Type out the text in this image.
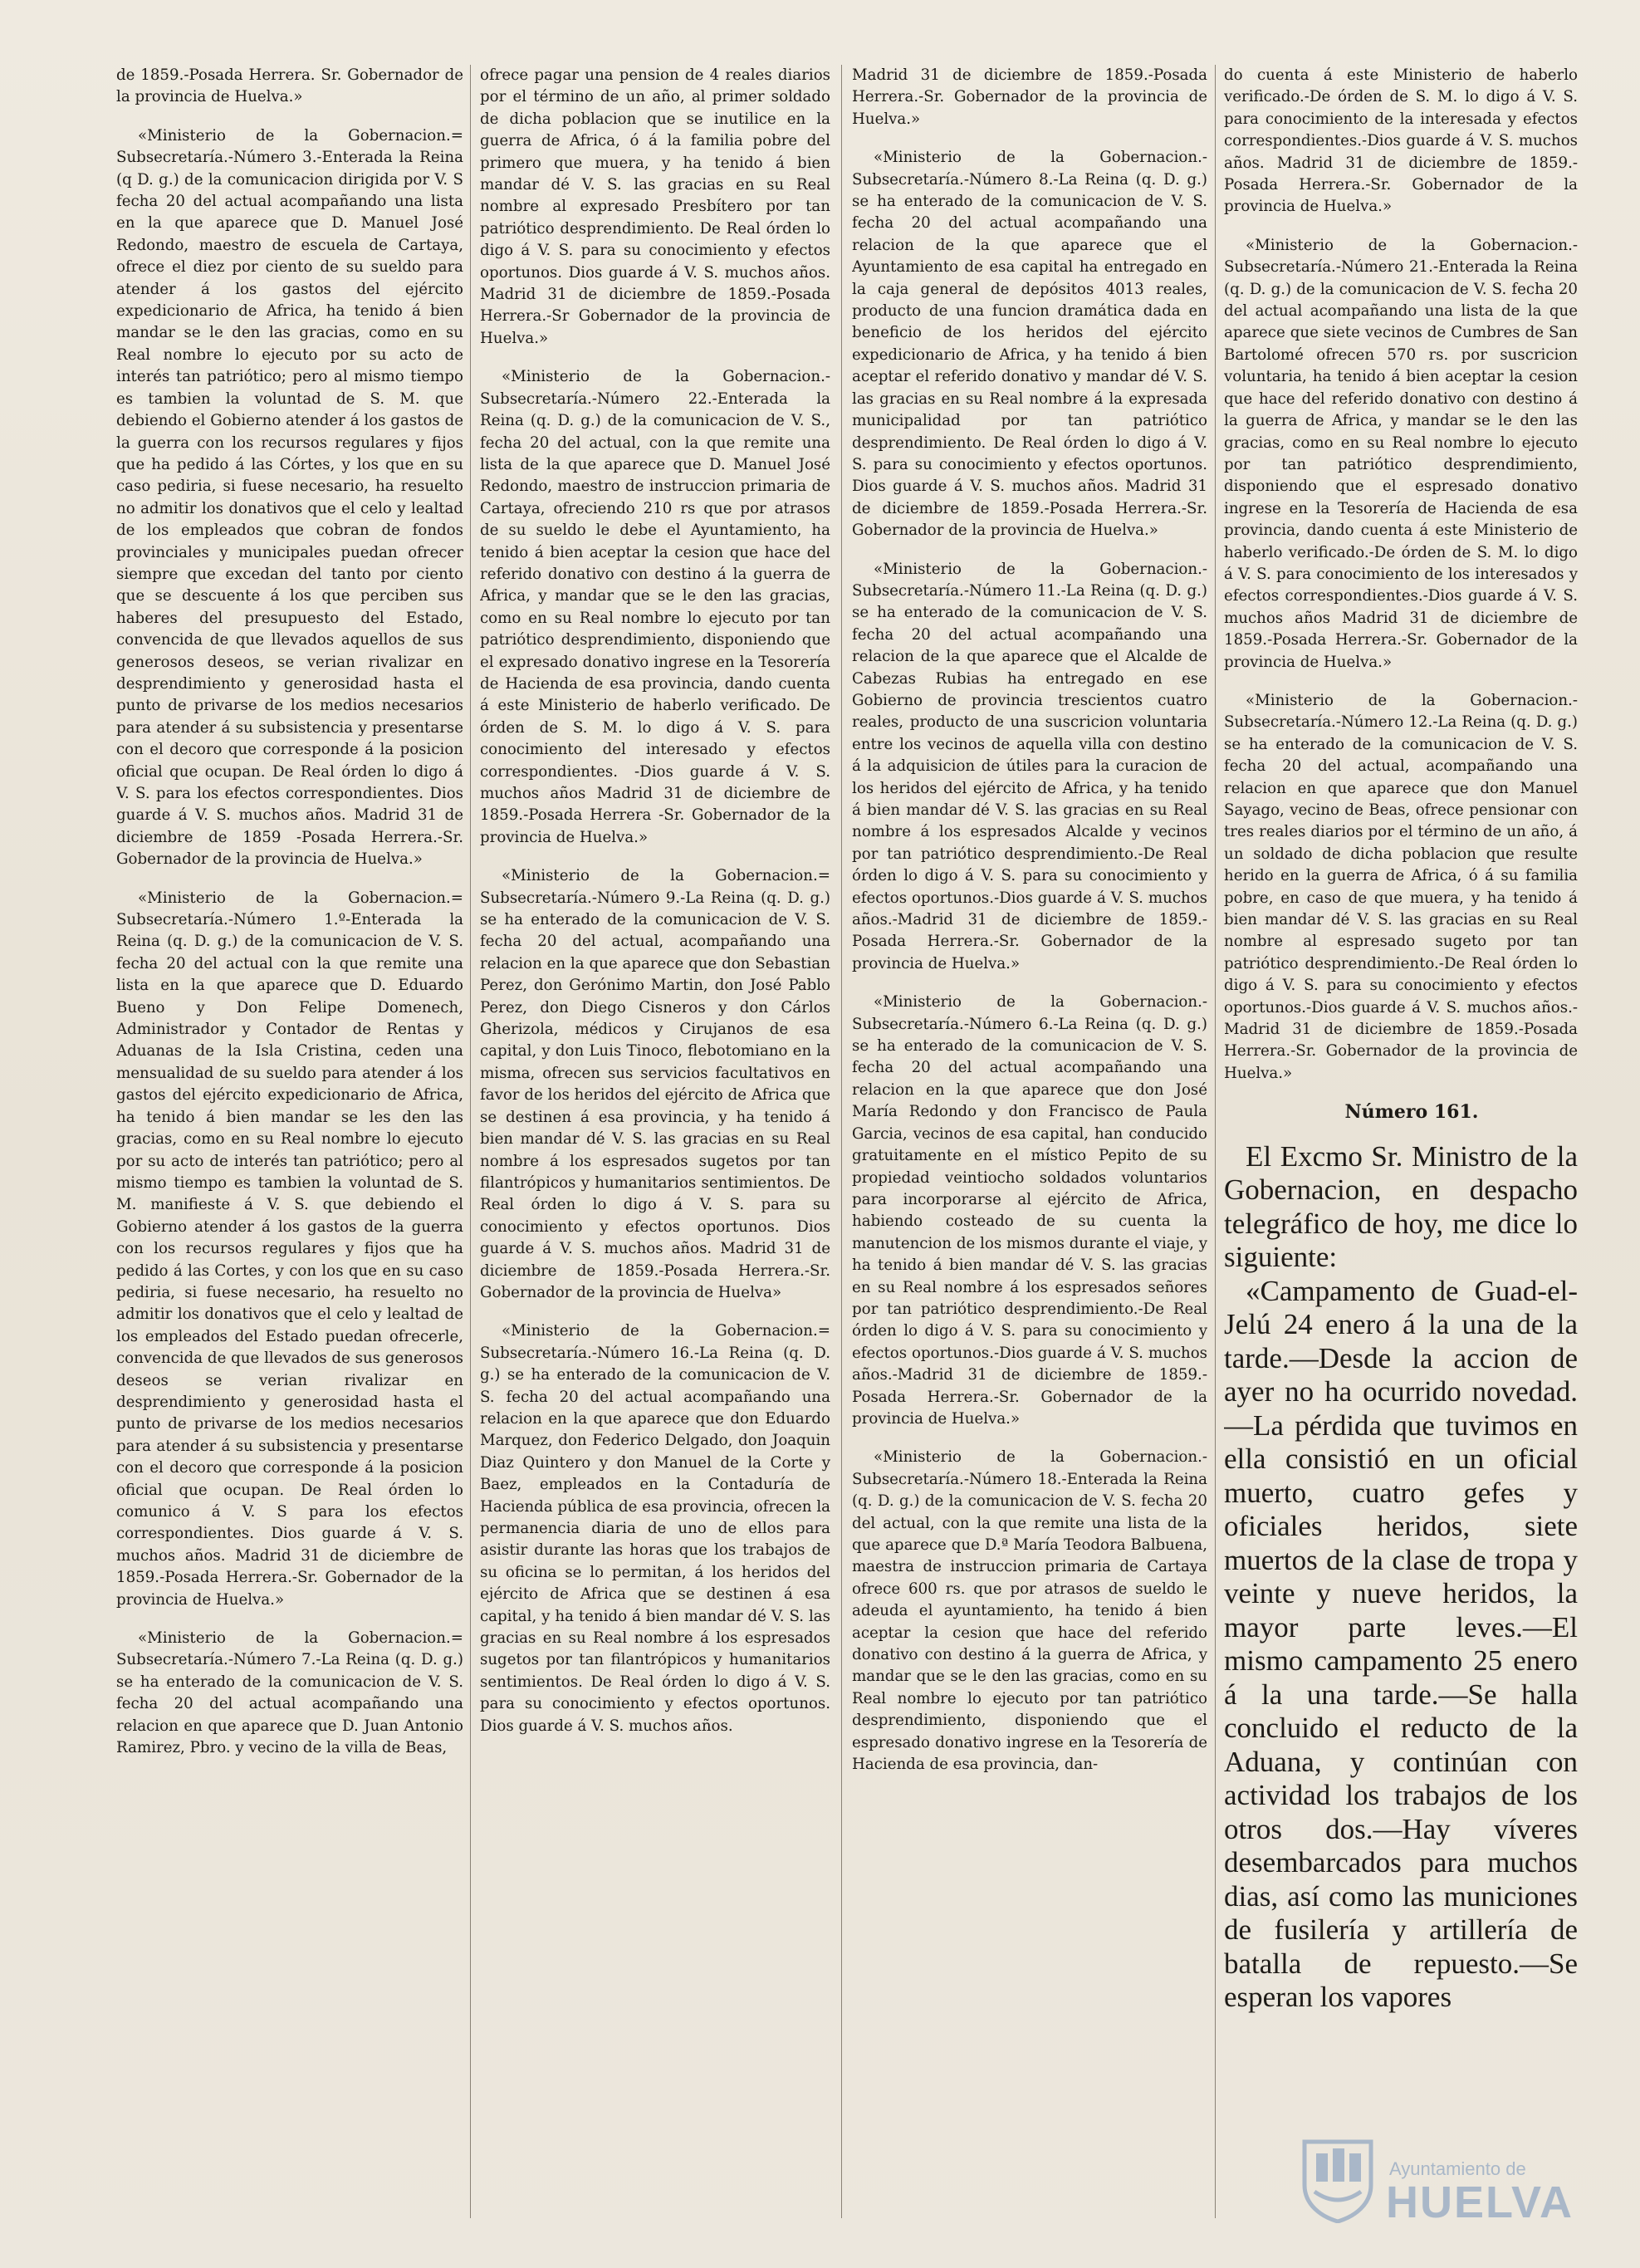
de 1859.-Posada Herrera. Sr. Gobernador de la provincia de Huelva.»

«Ministerio de la Gobernacion.= Subsecretaría.-Número 3.-Enterada la Reina (q D. g.) de la comunicacion dirigida por V. S fecha 20 del actual acompañando una lista en la que aparece que D. Manuel José Redondo, maestro de escuela de Cartaya, ofrece el diez por ciento de su sueldo para atender á los gastos del ejército expedicionario de Africa, ha tenido á bien mandar se le den las gracias, como en su Real nombre lo ejecuto por su acto de interés tan patriótico; pero al mismo tiempo es tambien la voluntad de S. M. que debiendo el Gobierno atender á los gastos de la guerra con los recursos regulares y fijos que ha pedido á las Córtes, y los que en su caso pediria, si fuese necesario, ha resuelto no admitir los donativos que el celo y lealtad de los empleados que cobran de fondos provinciales y municipales puedan ofrecer siempre que excedan del tanto por ciento que se descuente á los que perciben sus haberes del presupuesto del Estado, convencida de que llevados aquellos de sus generosos deseos, se verian rivalizar en desprendimiento y generosidad hasta el punto de privarse de los medios necesarios para atender á su subsistencia y presentarse con el decoro que corresponde á la posicion oficial que ocupan. De Real órden lo digo á V. S. para los efectos correspondientes. Dios guarde á V. S. muchos años. Madrid 31 de diciembre de 1859 -Posada Herrera.-Sr. Gobernador de la provincia de Huelva.»

«Ministerio de la Gobernacion.= Subsecretaría.-Número 1.º-Enterada la Reina (q. D. g.) de la comunicacion de V. S. fecha 20 del actual con la que remite una lista en la que aparece que D. Eduardo Bueno y Don Felipe Domenech, Administrador y Contador de Rentas y Aduanas de la Isla Cristina, ceden una mensualidad de su sueldo para atender á los gastos del ejército expedicionario de Africa, ha tenido á bien mandar se les den las gracias, como en su Real nombre lo ejecuto por su acto de interés tan patriótico; pero al mismo tiempo es tambien la voluntad de S. M. manifieste á V. S. que debiendo el Gobierno atender á los gastos de la guerra con los recursos regulares y fijos que ha pedido á las Cortes, y con los que en su caso pediria, si fuese necesario, ha resuelto no admitir los donativos que el celo y lealtad de los empleados del Estado puedan ofrecerle, convencida de que llevados de sus generosos deseos se verian rivalizar en desprendimiento y generosidad hasta el punto de privarse de los medios necesarios para atender á su subsistencia y presentarse con el decoro que corresponde á la posicion oficial que ocupan. De Real órden lo comunico á V. S para los efectos correspondientes. Dios guarde á V. S. muchos años. Madrid 31 de diciembre de 1859.-Posada Herrera.-Sr. Gobernador de la provincia de Huelva.»

«Ministerio de la Gobernacion.= Subsecretaría.-Número 7.-La Reina (q. D. g.) se ha enterado de la comunicacion de V. S. fecha 20 del actual acompañando una relacion en que aparece que D. Juan Antonio Ramirez, Pbro. y vecino de la villa de Beas,

ofrece pagar una pension de 4 reales diarios por el término de un año, al primer soldado de dicha poblacion que se inutilice en la guerra de Africa, ó á la familia pobre del primero que muera, y ha tenido á bien mandar dé V. S. las gracias en su Real nombre al expresado Presbítero por tan patriótico desprendimiento. De Real órden lo digo á V. S. para su conocimiento y efectos oportunos. Dios guarde á V. S. muchos años. Madrid 31 de diciembre de 1859.-Posada Herrera.-Sr Gobernador de la provincia de Huelva.»

«Ministerio de la Gobernacion.-Subsecretaría.-Número 22.-Enterada la Reina (q. D. g.) de la comunicacion de V. S., fecha 20 del actual, con la que remite una lista de la que aparece que D. Manuel José Redondo, maestro de instruccion primaria de Cartaya, ofreciendo 210 rs que por atrasos de su sueldo le debe el Ayuntamiento, ha tenido á bien aceptar la cesion que hace del referido donativo con destino á la guerra de Africa, y mandar que se le den las gracias, como en su Real nombre lo ejecuto por tan patriótico desprendimiento, disponiendo que el expresado donativo ingrese en la Tesorería de Hacienda de esa provincia, dando cuenta á este Ministerio de haberlo verificado. De órden de S. M. lo digo á V. S. para conocimiento del interesado y efectos correspondientes. -Dios guarde á V. S. muchos años Madrid 31 de diciembre de 1859.-Posada Herrera -Sr. Gobernador de la provincia de Huelva.»

«Ministerio de la Gobernacion.= Subsecretaría.-Número 9.-La Reina (q. D. g.) se ha enterado de la comunicacion de V. S. fecha 20 del actual, acompañando una relacion en la que aparece que don Sebastian Perez, don Gerónimo Martin, don José Pablo Perez, don Diego Cisneros y don Cárlos Gherizola, médicos y Cirujanos de esa capital, y don Luis Tinoco, flebotomiano en la misma, ofrecen sus servicios facultativos en favor de los heridos del ejército de Africa que se destinen á esa provincia, y ha tenido á bien mandar dé V. S. las gracias en su Real nombre á los espresados sugetos por tan filantrópicos y humanitarios sentimientos. De Real órden lo digo á V. S. para su conocimiento y efectos oportunos. Dios guarde á V. S. muchos años. Madrid 31 de diciembre de 1859.-Posada Herrera.-Sr. Gobernador de la provincia de Huelva»

«Ministerio de la Gobernacion.= Subsecretaría.-Número 16.-La Reina (q. D. g.) se ha enterado de la comunicacion de V. S. fecha 20 del actual acompañando una relacion en la que aparece que don Eduardo Marquez, don Federico Delgado, don Joaquin Diaz Quintero y don Manuel de la Corte y Baez, empleados en la Contaduría de Hacienda pública de esa provincia, ofrecen la permanencia diaria de uno de ellos para asistir durante las horas que los trabajos de su oficina se lo permitan, á los heridos del ejército de Africa que se destinen á esa capital, y ha tenido á bien mandar dé V. S. las gracias en su Real nombre á los espresados sugetos por tan filantrópicos y humanitarios sentimientos. De Real órden lo digo á V. S. para su conocimiento y efectos oportunos. Dios guarde á V. S. muchos años.

Madrid 31 de diciembre de 1859.-Posada Herrera.-Sr. Gobernador de la provincia de Huelva.»

«Ministerio de la Gobernacion.-Subsecretaría.-Número 8.-La Reina (q. D. g.) se ha enterado de la comunicacion de V. S. fecha 20 del actual acompañando una relacion de la que aparece que el Ayuntamiento de esa capital ha entregado en la caja general de depósitos 4013 reales, producto de una funcion dramática dada en beneficio de los heridos del ejército expedicionario de Africa, y ha tenido á bien aceptar el referido donativo y mandar dé V. S. las gracias en su Real nombre á la expresada municipalidad por tan patriótico desprendimiento. De Real órden lo digo á V. S. para su conocimiento y efectos oportunos. Dios guarde á V. S. muchos años. Madrid 31 de diciembre de 1859.-Posada Herrera.-Sr. Gobernador de la provincia de Huelva.»

«Ministerio de la Gobernacion.-Subsecretaría.-Número 11.-La Reina (q. D. g.) se ha enterado de la comunicacion de V. S. fecha 20 del actual acompañando una relacion de la que aparece que el Alcalde de Cabezas Rubias ha entregado en ese Gobierno de provincia trescientos cuatro reales, producto de una suscricion voluntaria entre los vecinos de aquella villa con destino á la adquisicion de útiles para la curacion de los heridos del ejército de Africa, y ha tenido á bien mandar dé V. S. las gracias en su Real nombre á los espresados Alcalde y vecinos por tan patriótico desprendimiento.-De Real órden lo digo á V. S. para su conocimiento y efectos oportunos.-Dios guarde á V. S. muchos años.-Madrid 31 de diciembre de 1859.-Posada Herrera.-Sr. Gobernador de la provincia de Huelva.»

«Ministerio de la Gobernacion.-Subsecretaría.-Número 6.-La Reina (q. D. g.) se ha enterado de la comunicacion de V. S. fecha 20 del actual acompañando una relacion en la que aparece que don José María Redondo y don Francisco de Paula Garcia, vecinos de esa capital, han conducido gratuitamente en el místico Pepito de su propiedad veintiocho soldados voluntarios para incorporarse al ejército de Africa, habiendo costeado de su cuenta la manutencion de los mismos durante el viaje, y ha tenido á bien mandar dé V. S. las gracias en su Real nombre á los espresados señores por tan patriótico desprendimiento.-De Real órden lo digo á V. S. para su conocimiento y efectos oportunos.-Dios guarde á V. S. muchos años.-Madrid 31 de diciembre de 1859.-Posada Herrera.-Sr. Gobernador de la provincia de Huelva.»

«Ministerio de la Gobernacion.-Subsecretaría.-Número 18.-Enterada la Reina (q. D. g.) de la comunicacion de V. S. fecha 20 del actual, con la que remite una lista de la que aparece que D.ª María Teodora Balbuena, maestra de instruccion primaria de Cartaya ofrece 600 rs. que por atrasos de sueldo le adeuda el ayuntamiento, ha tenido á bien aceptar la cesion que hace del referido donativo con destino á la guerra de Africa, y mandar que se le den las gracias, como en su Real nombre lo ejecuto por tan patriótico desprendimiento, disponiendo que el espresado donativo ingrese en la Tesorería de Hacienda de esa provincia, dan-

do cuenta á este Ministerio de haberlo verificado.-De órden de S. M. lo digo á V. S. para conocimiento de la interesada y efectos correspondientes.-Dios guarde á V. S. muchos años. Madrid 31 de diciembre de 1859.-Posada Herrera.-Sr. Gobernador de la provincia de Huelva.»

«Ministerio de la Gobernacion.-Subsecretaría.-Número 21.-Enterada la Reina (q. D. g.) de la comunicacion de V. S. fecha 20 del actual acompañando una lista de la que aparece que siete vecinos de Cumbres de San Bartolomé ofrecen 570 rs. por suscricion voluntaria, ha tenido á bien aceptar la cesion que hace del referido donativo con destino á la guerra de Africa, y mandar se le den las gracias, como en su Real nombre lo ejecuto por tan patriótico desprendimiento, disponiendo que el espresado donativo ingrese en la Tesorería de Hacienda de esa provincia, dando cuenta á este Ministerio de haberlo verificado.-De órden de S. M. lo digo á V. S. para conocimiento de los interesados y efectos correspondientes.-Dios guarde á V. S. muchos años Madrid 31 de diciembre de 1859.-Posada Herrera.-Sr. Gobernador de la provincia de Huelva.»

«Ministerio de la Gobernacion.-Subsecretaría.-Número 12.-La Reina (q. D. g.) se ha enterado de la comunicacion de V. S. fecha 20 del actual, acompañando una relacion en que aparece que don Manuel Sayago, vecino de Beas, ofrece pensionar con tres reales diarios por el término de un año, á un soldado de dicha poblacion que resulte herido en la guerra de Africa, ó á su familia pobre, en caso de que muera, y ha tenido á bien mandar dé V. S. las gracias en su Real nombre al espresado sugeto por tan patriótico desprendimiento.-De Real órden lo digo á V. S. para su conocimiento y efectos oportunos.-Dios guarde á V. S. muchos años.-Madrid 31 de diciembre de 1859.-Posada Herrera.-Sr. Gobernador de la provincia de Huelva.»

Número 161.

El Excmo Sr. Ministro de la Gobernacion, en despacho telegráfico de hoy, me dice lo siguiente:

«Campamento de Guad-el-Jelú 24 enero á la una de la tarde.—Desde la accion de ayer no ha ocurrido novedad.—La pérdida que tuvimos en ella consistió en un oficial muerto, cuatro gefes y oficiales heridos, siete muertos de la clase de tropa y veinte y nueve heridos, la mayor parte leves.—El mismo campamento 25 enero á la una tarde.—Se halla concluido el reducto de la Aduana, y continúan con actividad los trabajos de los otros dos.—Hay víveres desembarcados para muchos dias, así como las municiones de fusilería y artillería de batalla de repuesto.—Se esperan los vapores

Ayuntamiento de
HUELVA
